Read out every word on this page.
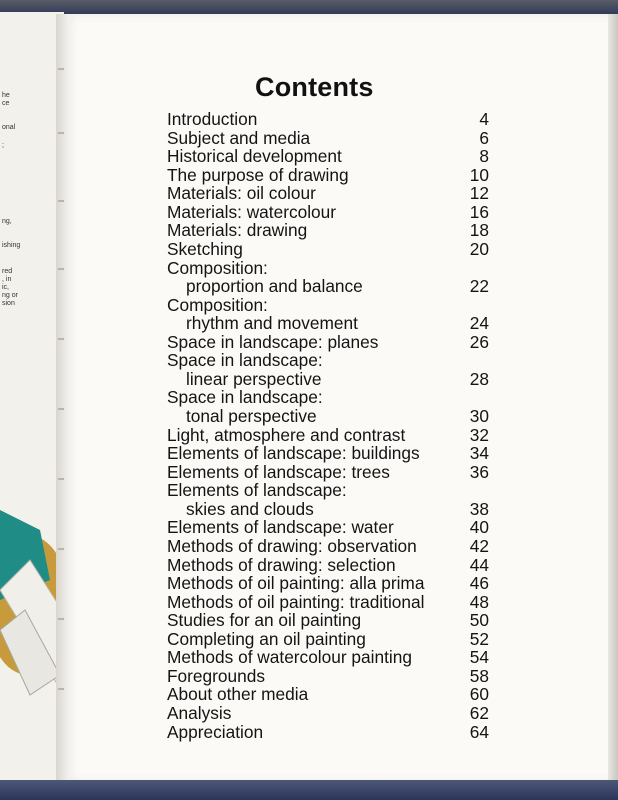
he
ce
onal
;
ng,
ishing
red
, in
ic,
ng or
sion
Contents
Introduction	4
Subject and media	6
Historical development	8
The purpose of drawing	10
Materials: oil colour	12
Materials: watercolour	16
Materials: drawing	18
Sketching	20
Composition:
proportion and balance	22
Composition:
rhythm and movement	24
Space in landscape: planes	26
Space in landscape:
linear perspective	28
Space in landscape:
tonal perspective	30
Light, atmosphere and contrast	32
Elements of landscape: buildings	34
Elements of landscape: trees	36
Elements of landscape:
skies and clouds	38
Elements of landscape: water	40
Methods of drawing: observation	42
Methods of drawing: selection	44
Methods of oil painting: alla prima	46
Methods of oil painting: traditional	48
Studies for an oil painting	50
Completing an oil painting	52
Methods of watercolour painting	54
Foregrounds	58
About other media	60
Analysis	62
Appreciation	64
